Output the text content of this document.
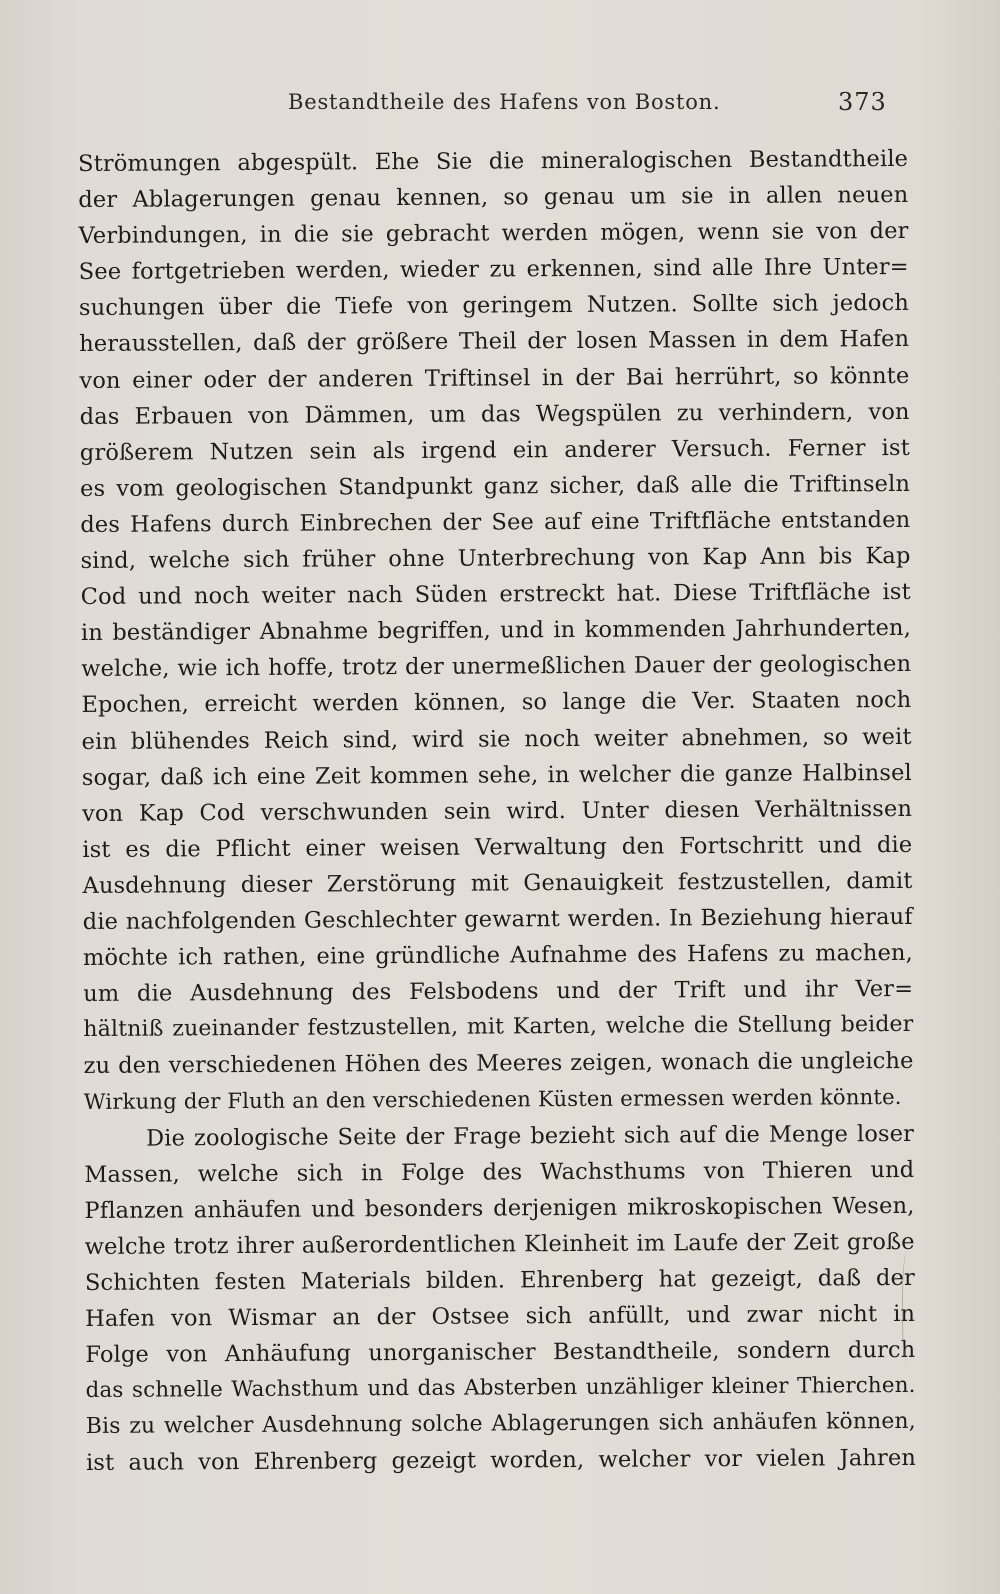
Bestandtheile des Hafens von Boston.	373
Strömungen abgespült. Ehe Sie die mineralogischen Bestandtheile
der Ablagerungen genau kennen, so genau um sie in allen neuen
Verbindungen, in die sie gebracht werden mögen, wenn sie von der
See fortgetrieben werden, wieder zu erkennen, sind alle Ihre Unter=
suchungen über die Tiefe von geringem Nutzen. Sollte sich jedoch
herausstellen, daß der größere Theil der losen Massen in dem Hafen
von einer oder der anderen Triftinsel in der Bai herrührt, so könnte
das Erbauen von Dämmen, um das Wegspülen zu verhindern, von
größerem Nutzen sein als irgend ein anderer Versuch. Ferner ist
es vom geologischen Standpunkt ganz sicher, daß alle die Triftinseln
des Hafens durch Einbrechen der See auf eine Triftfläche entstanden
sind, welche sich früher ohne Unterbrechung von Kap Ann bis Kap
Cod und noch weiter nach Süden erstreckt hat. Diese Triftfläche ist
in beständiger Abnahme begriffen, und in kommenden Jahrhunderten,
welche, wie ich hoffe, trotz der unermeßlichen Dauer der geologischen
Epochen, erreicht werden können, so lange die Ver. Staaten noch
ein blühendes Reich sind, wird sie noch weiter abnehmen, so weit
sogar, daß ich eine Zeit kommen sehe, in welcher die ganze Halbinsel
von Kap Cod verschwunden sein wird. Unter diesen Verhältnissen
ist es die Pflicht einer weisen Verwaltung den Fortschritt und die
Ausdehnung dieser Zerstörung mit Genauigkeit festzustellen, damit
die nachfolgenden Geschlechter gewarnt werden. In Beziehung hierauf
möchte ich rathen, eine gründliche Aufnahme des Hafens zu machen,
um die Ausdehnung des Felsbodens und der Trift und ihr Ver=
hältniß zueinander festzustellen, mit Karten, welche die Stellung beider
zu den verschiedenen Höhen des Meeres zeigen, wonach die ungleiche
Wirkung der Fluth an den verschiedenen Küsten ermessen werden könnte.
Die zoologische Seite der Frage bezieht sich auf die Menge loser
Massen, welche sich in Folge des Wachsthums von Thieren und
Pflanzen anhäufen und besonders derjenigen mikroskopischen Wesen,
welche trotz ihrer außerordentlichen Kleinheit im Laufe der Zeit große
Schichten festen Materials bilden. Ehrenberg hat gezeigt, daß der
Hafen von Wismar an der Ostsee sich anfüllt, und zwar nicht in
Folge von Anhäufung unorganischer Bestandtheile, sondern durch
das schnelle Wachsthum und das Absterben unzähliger kleiner Thierchen.
Bis zu welcher Ausdehnung solche Ablagerungen sich anhäufen können,
ist auch von Ehrenberg gezeigt worden, welcher vor vielen Jahren
